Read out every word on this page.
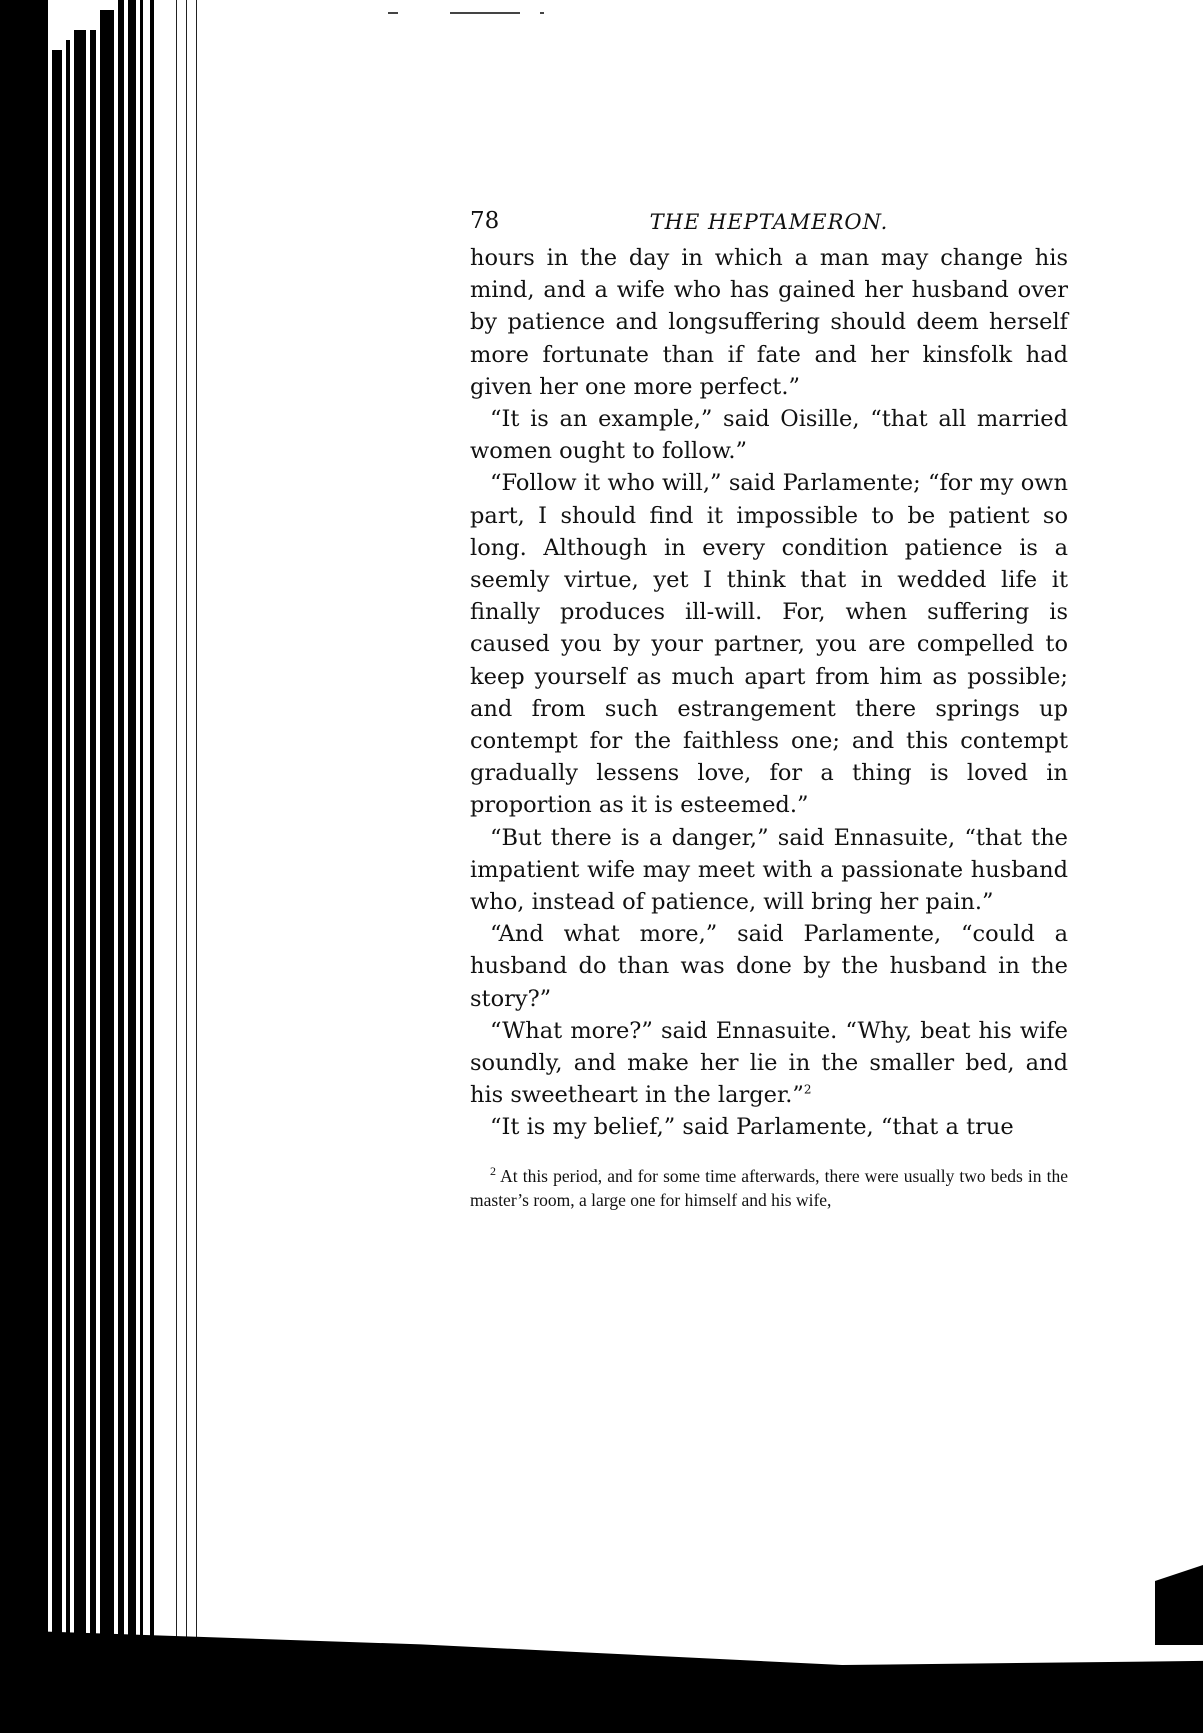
78	THE HEPTAMERON.

hours in the day in which a man may change his mind, and a wife who has gained her husband over by patience and longsuffering should deem herself more fortunate than if fate and her kinsfolk had given her one more perfect.”

“It is an example,” said Oisille, “that all married women ought to follow.”

“Follow it who will,” said Parlamente; “for my own part, I should find it impossible to be patient so long. Although in every condition patience is a seemly virtue, yet I think that in wedded life it finally produces ill-will. For, when suffering is caused you by your partner, you are compelled to keep yourself as much apart from him as possible; and from such estrangement there springs up contempt for the faithless one; and this contempt gradually lessens love, for a thing is loved in proportion as it is esteemed.”

“But there is a danger,” said Ennasuite, “that the impatient wife may meet with a passionate husband who, instead of patience, will bring her pain.”

“And what more,” said Parlamente, “could a husband do than was done by the husband in the story?”

“What more?” said Ennasuite. “Why, beat his wife soundly, and make her lie in the smaller bed, and his sweetheart in the larger.”$^2$

“It is my belief,” said Parlamente, “that a true

$^2$ At this period, and for some time afterwards, there were usually two beds in the master’s room, a large one for himself and his wife,
